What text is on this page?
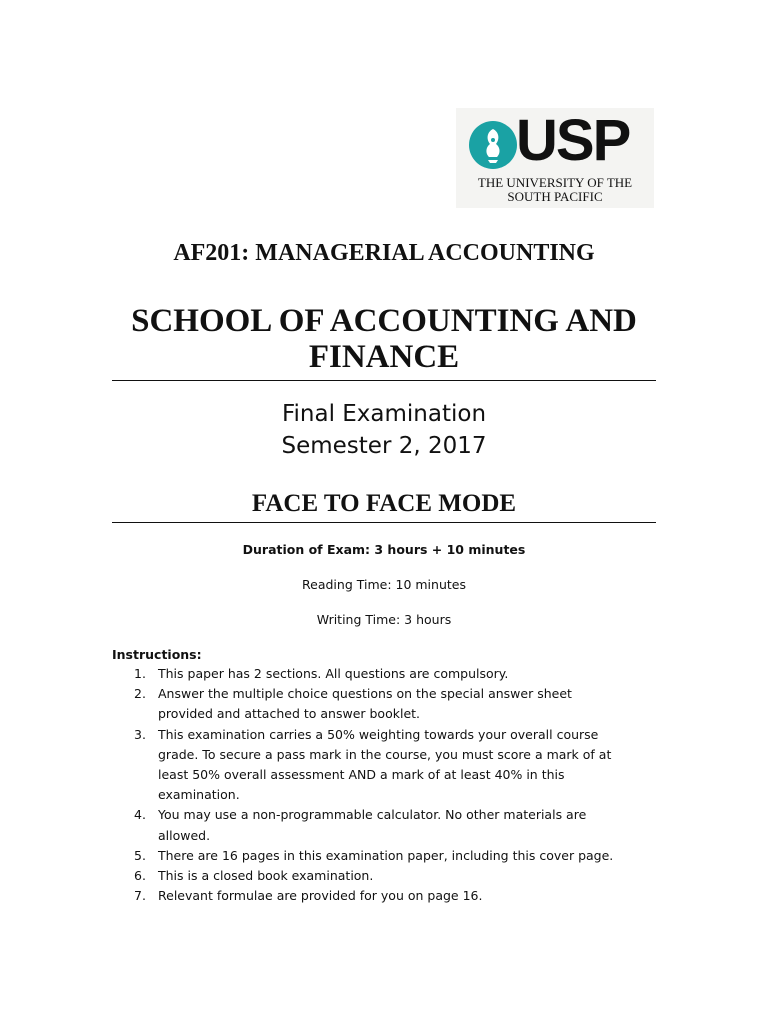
USP
THE UNIVERSITY OF THE
SOUTH PACIFIC
AF201: MANAGERIAL ACCOUNTING
SCHOOL OF ACCOUNTING AND
FINANCE
Final Examination
Semester 2, 2017
FACE TO FACE MODE
Duration of Exam: 3 hours + 10 minutes
Reading Time: 10 minutes
Writing Time: 3 hours
Instructions:
1. This paper has 2 sections. All questions are compulsory.
2. Answer the multiple choice questions on the special answer sheet
provided and attached to answer booklet.
3. This examination carries a 50% weighting towards your overall course
grade. To secure a pass mark in the course, you must score a mark of at
least 50% overall assessment AND a mark of at least 40% in this
examination.
4. You may use a non-programmable calculator. No other materials are
allowed.
5. There are 16 pages in this examination paper, including this cover page.
6. This is a closed book examination.
7. Relevant formulae are provided for you on page 16.
